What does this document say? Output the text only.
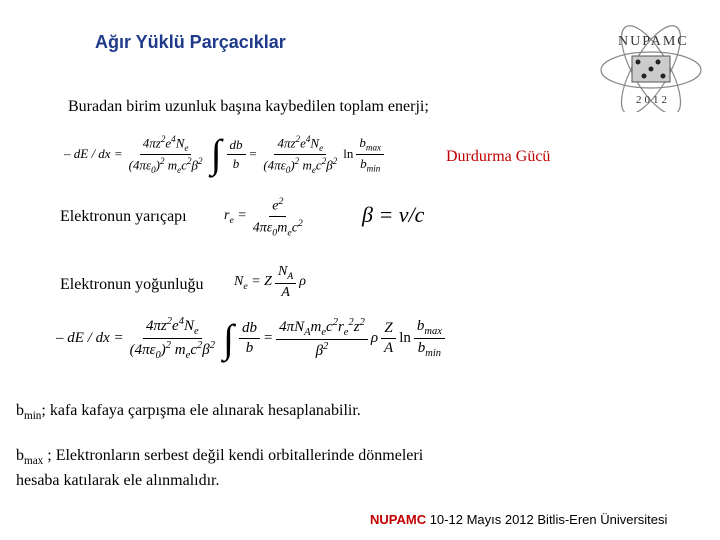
Ağır Yüklü Parçacıklar	NUPAMC
2012
Buradan birim uzunluk başına kaybedilen toplam enerji;
– dE / dx = $\frac{4\pi z^2e^4N_e}{(4\pi\varepsilon_0)^2 m_ec^2\beta^2}$ ∫ $\frac{db}{b} = \frac{4\pi z^2e^4N_e}{(4\pi\varepsilon_0)^2 m_ec^2\beta^2}$ $\ln \frac{b_{max}}{b_{min}}$	Durdurma Gücü
Elektronun yarıçapı	$r_e = \frac{e^2}{4\pi\varepsilon_0m_ec^2}$	β = v/c
Elektronun yoğunluğu $N_e = Z \frac{N_A}{A}$ ρ
– dE / dx = $\frac{4\pi z^2e^4N_e}{(4\pi\varepsilon_0)^2 m_ec^2\beta^2}$ ∫ $\frac{db}{b} = \frac{4\pi N_Am_ec^2r_e^2z^2}{\beta^2}$ ρ $\frac{Z}{A}$ $\ln \frac{b_{max}}{b_{min}}$
$b_{min}$; kafa kafaya çarpışma ele alınarak hesaplanabilir.
$b_{max}$ ; Elektronların serbest değil kendi orbitallerinde dönmeleri
hesaba katılarak ele alınmalıdır.
NUPAMC 10-12 Mayıs 2012 Bitlis-Eren Üniversitesi
